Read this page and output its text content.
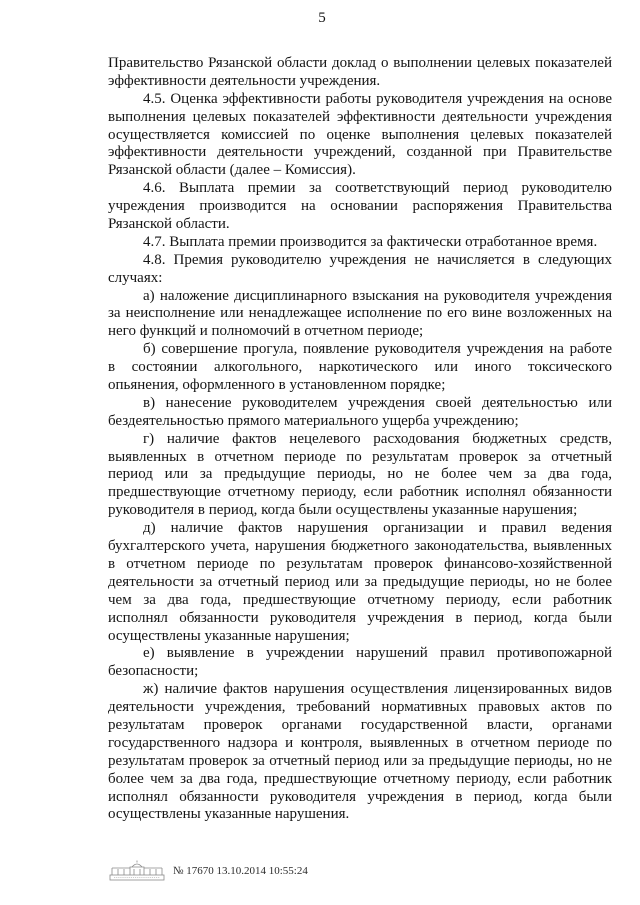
5
Правительство Рязанской области доклад о выполнении целевых показателей
эффективности деятельности учреждения.
4.5. Оценка эффективности работы руководителя учреждения на основе
выполнения целевых показателей эффективности деятельности учреждения
осуществляется комиссией по оценке выполнения целевых показателей
эффективности деятельности учреждений, созданной при Правительстве
Рязанской области (далее – Комиссия).
4.6. Выплата премии за соответствующий период руководителю
учреждения производится на основании распоряжения Правительства
Рязанской области.
4.7. Выплата премии производится за фактически отработанное время.
4.8. Премия руководителю учреждения не начисляется в следующих
случаях:
а) наложение дисциплинарного взыскания на руководителя учреждения
за неисполнение или ненадлежащее исполнение по его вине возложенных на
него функций и полномочий в отчетном периоде;
б) совершение прогула, появление руководителя учреждения на работе
в состоянии алкогольного, наркотического или иного токсического
опьянения, оформленного в установленном порядке;
в) нанесение руководителем учреждения своей деятельностью или
бездеятельностью прямого материального ущерба учреждению;
г) наличие фактов нецелевого расходования бюджетных средств,
выявленных в отчетном периоде по результатам проверок за отчетный
период или за предыдущие периоды, но не более чем за два года,
предшествующие отчетному периоду, если работник исполнял обязанности
руководителя в период, когда были осуществлены указанные нарушения;
д) наличие фактов нарушения организации и правил ведения
бухгалтерского учета, нарушения бюджетного законодательства, выявленных
в отчетном периоде по результатам проверок финансово-хозяйственной
деятельности за отчетный период или за предыдущие периоды, но не более
чем за два года, предшествующие отчетному периоду, если работник
исполнял обязанности руководителя учреждения в период, когда были
осуществлены указанные нарушения;
е) выявление в учреждении нарушений правил противопожарной
безопасности;
ж) наличие фактов нарушения осуществления лицензированных видов
деятельности учреждения, требований нормативных правовых актов по
результатам проверок органами государственной власти, органами
государственного надзора и контроля, выявленных в отчетном периоде по
результатам проверок за отчетный период или за предыдущие периоды, но не
более чем за два года, предшествующие отчетному периоду, если работник
исполнял обязанности руководителя учреждения в период, когда были
осуществлены указанные нарушения.
№ 17670 13.10.2014 10:55:24
